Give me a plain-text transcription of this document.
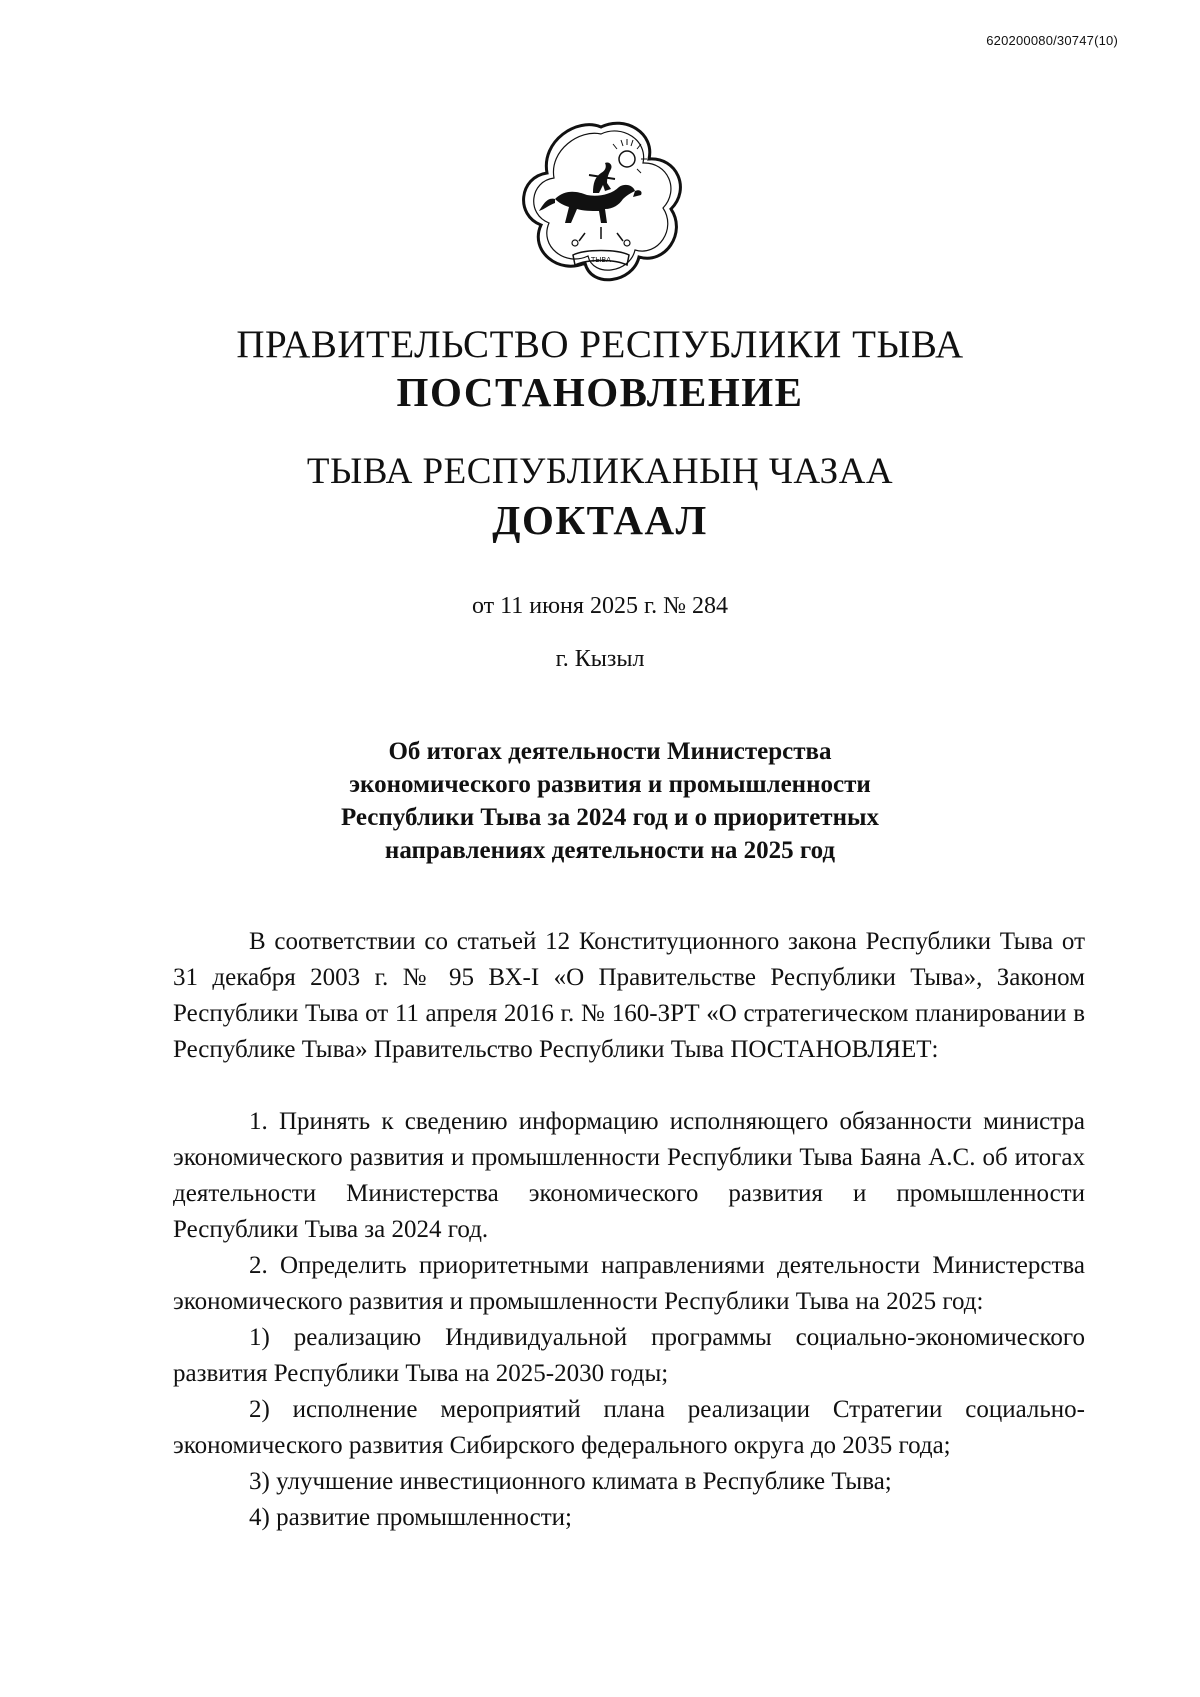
620200080/30747(10)
ТЫВА
ПРАВИТЕЛЬСТВО РЕСПУБЛИКИ ТЫВА
ПОСТАНОВЛЕНИЕ
ТЫВА РЕСПУБЛИКАНЫҢ ЧАЗАА
ДОКТААЛ
от 11 июня 2025 г. № 284
г. Кызыл
Об итогах деятельности Министерства
экономического развития и промышленности
Республики Тыва за 2024 год и о приоритетных
направлениях деятельности на 2025 год

В соответствии со статьей 12 Конституционного закона Республики Тыва от 31 декабря 2003 г. № 95 ВХ-I «О Правительстве Республики Тыва», Законом Республики Тыва от 11 апреля 2016 г. № 160-ЗРТ «О стратегическом планировании в Республике Тыва» Правительство Республики Тыва ПОСТАНОВЛЯЕТ:

1. Принять к сведению информацию исполняющего обязанности министра экономического развития и промышленности Республики Тыва Баяна А.С. об итогах деятельности Министерства экономического развития и промышленности Республики Тыва за 2024 год.

2. Определить приоритетными направлениями деятельности Министерства экономического развития и промышленности Республики Тыва на 2025 год:

1) реализацию Индивидуальной программы социально-экономического развития Республики Тыва на 2025-2030 годы;

2) исполнение мероприятий плана реализации Стратегии социально-экономического развития Сибирского федерального округа до 2035 года;

3) улучшение инвестиционного климата в Республике Тыва;

4) развитие промышленности;
